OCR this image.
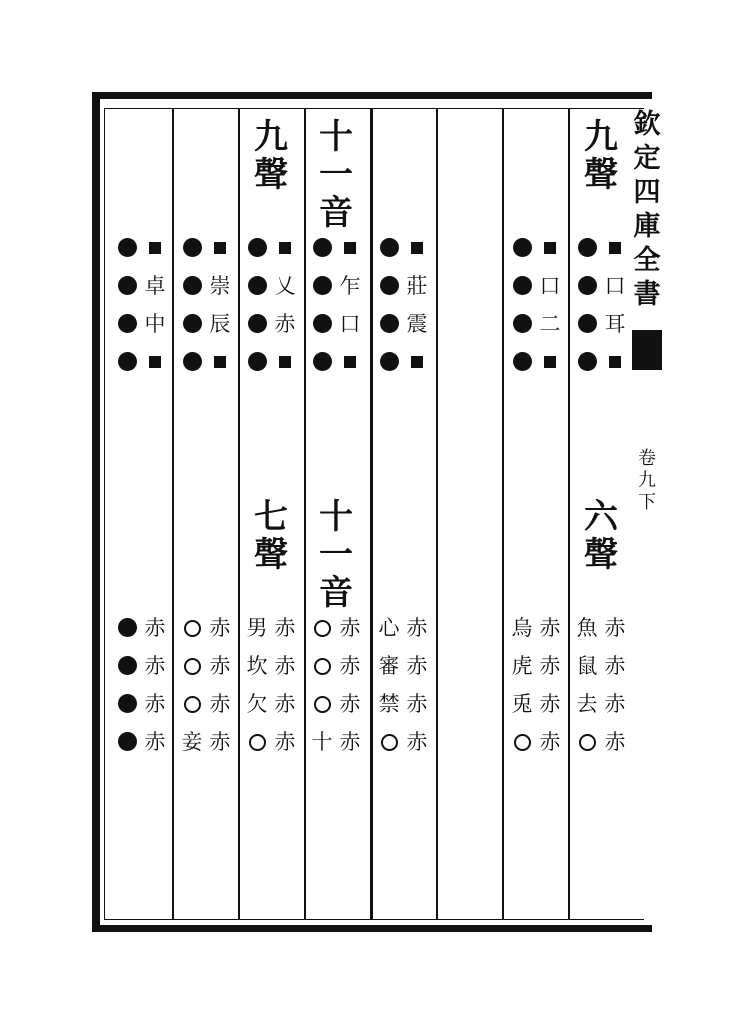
欽
定
四
庫
全
書
卷
九
下
九
聲
六
聲
口
耳
赤
赤
赤
赤
魚
鼠
去
口
二
赤
赤
赤
赤
烏
虎
兎
莊
震
赤
赤
赤
赤
心
審
禁
十
一
音
十
一
音
乍
口
赤
赤
赤
赤
十
九
聲
七
聲
乂
赤
赤
赤
赤
赤
男
坎
欠
崇
辰
赤
赤
赤
赤
妾
卓
中
赤
赤
赤
赤
